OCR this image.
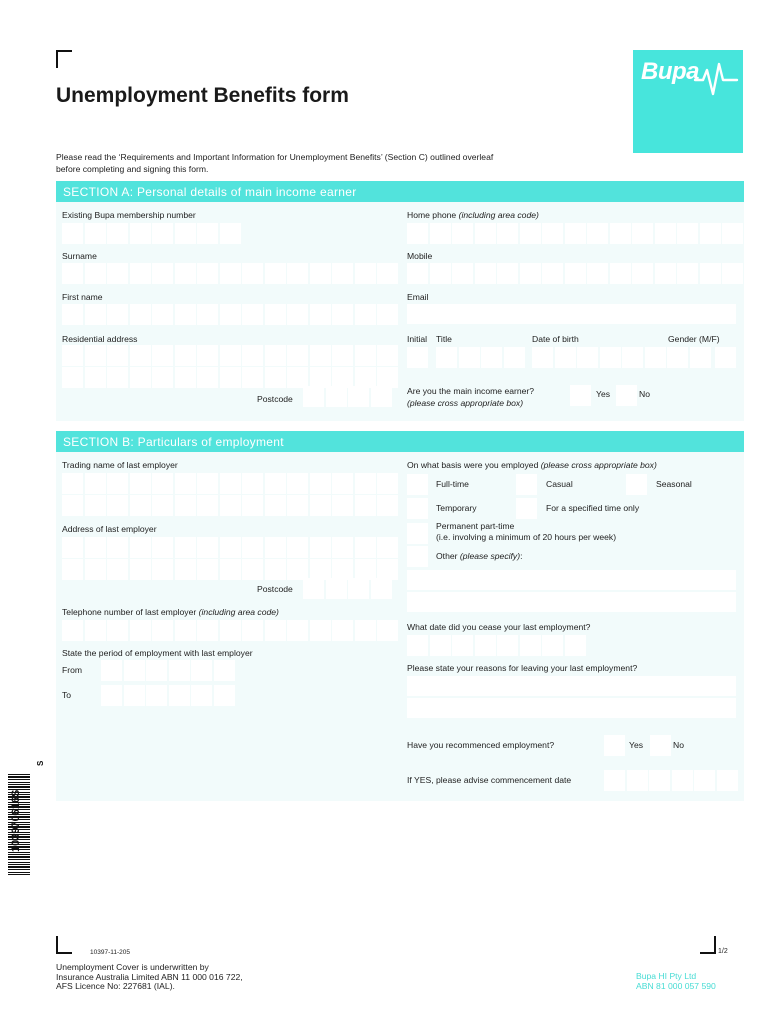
Bupa
Unemployment Benefits form
Please read the ‘Requirements and Important Information for Unemployment Benefits’ (Section C) outlined overleaf
before completing and signing this form.
SECTION A: Personal details of main income earner
Existing Bupa membership number	Home phone (including area code)
Surname	Mobile
First name	Email
Residential address
Postcode
Initial Title	Date of birth	Gender (M/F)
Are you the main income earner?
(please cross appropriate box)
Yes	No
SECTION B: Particulars of employment
Trading name of last employer	On what basis were you employed (please cross appropriate box)
Full-time	Casual	Seasonal
Temporary	For a specified time only
Permanent part-time
(i.e. involving a minimum of 20 hours per week)
Other (please specify):
Address of last employer
Postcode
Telephone number of last employer (including area code)
What date did you cease your last employment?
State the period of employment with last employer
From
To
Please state your reasons for leaving your last employment?
Have you recommenced employment?	Yes	No
If YES, please advise commencement date
103970616S
S
10397-11-205	1/2
Unemployment Cover is underwritten by
Insurance Australia Limited ABN 11 000 016 722,
AFS Licence No: 227681 (IAL).
Bupa HI Pty Ltd
ABN 81 000 057 590
